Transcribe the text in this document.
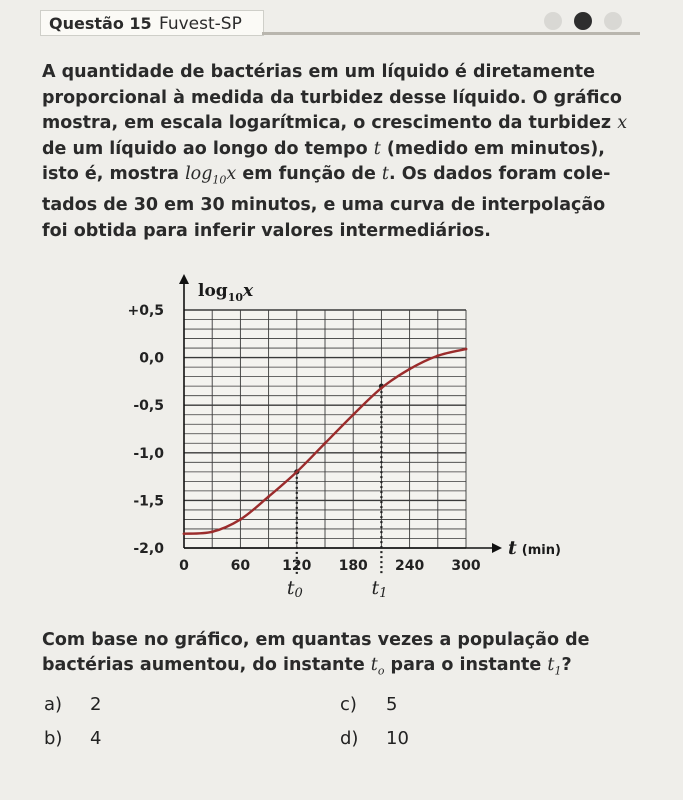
Questão 15 Fuvest-SP
A quantidade de bactérias em um líquido é diretamente
proporcional à medida da turbidez desse líquido. O gráfico
mostra, em escala logarítmica, o crescimento da turbidez x
de um líquido ao longo do tempo t (medido em minutos),
isto é, mostra $\log_{10}x$ em função de t. Os dados foram cole-
tados de 30 em 30 minutos, e uma curva de interpolação
foi obtida para inferir valores intermediários.
+0,5
0,0
-0,5
-1,0
-1,5
-2,0
0	60 120 180 240 300
$\log_{10}x$
t (min)
t0	t1
Com base no gráfico, em quantas vezes a população de
bactérias aumentou, do instante $t_o$ para o instante $t_1$?
a) 2
b) 4
c) 5
d) 10
